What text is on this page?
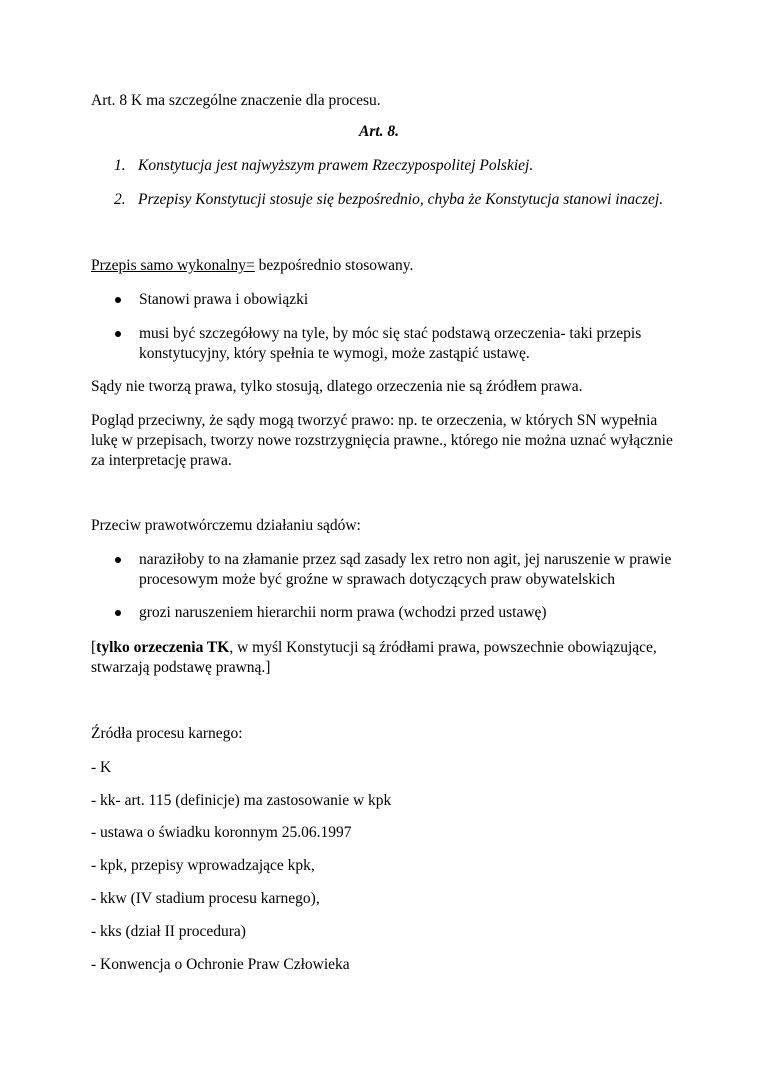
Art. 8 K ma szczególne znaczenie dla procesu.

Art. 8.

1. Konstytucja jest najwyższym prawem Rzeczypospolitej Polskiej.

2. Przepisy Konstytucji stosuje się bezpośrednio, chyba że Konstytucja stanowi inaczej.

Przepis samo wykonalny= bezpośrednio stosowany.

Stanowi prawa i obowiązki

musi być szczegółowy na tyle, by móc się stać podstawą orzeczenia- taki przepis

konstytucyjny, który spełnia te wymogi, może zastąpić ustawę.

Sądy nie tworzą prawa, tylko stosują, dlatego orzeczenia nie są źródłem prawa.

Pogląd przeciwny, że sądy mogą tworzyć prawo: np. te orzeczenia, w których SN wypełnia

lukę w przepisach, tworzy nowe rozstrzygnięcia prawne., którego nie można uznać wyłącznie

za interpretację prawa.

Przeciw prawotwórczemu działaniu sądów:

naraziłoby to na złamanie przez sąd zasady lex retro non agit, jej naruszenie w prawie

procesowym może być groźne w sprawach dotyczących praw obywatelskich

grozi naruszeniem hierarchii norm prawa (wchodzi przed ustawę)

[tylko orzeczenia TK, w myśl Konstytucji są źródłami prawa, powszechnie obowiązujące,

stwarzają podstawę prawną.]

Źródła procesu karnego:

- K

- kk- art. 115 (definicje) ma zastosowanie w kpk

- ustawa o świadku koronnym 25.06.1997

- kpk, przepisy wprowadzające kpk,

- kkw (IV stadium procesu karnego),

- kks (dział II procedura)

- Konwencja o Ochronie Praw Człowieka
